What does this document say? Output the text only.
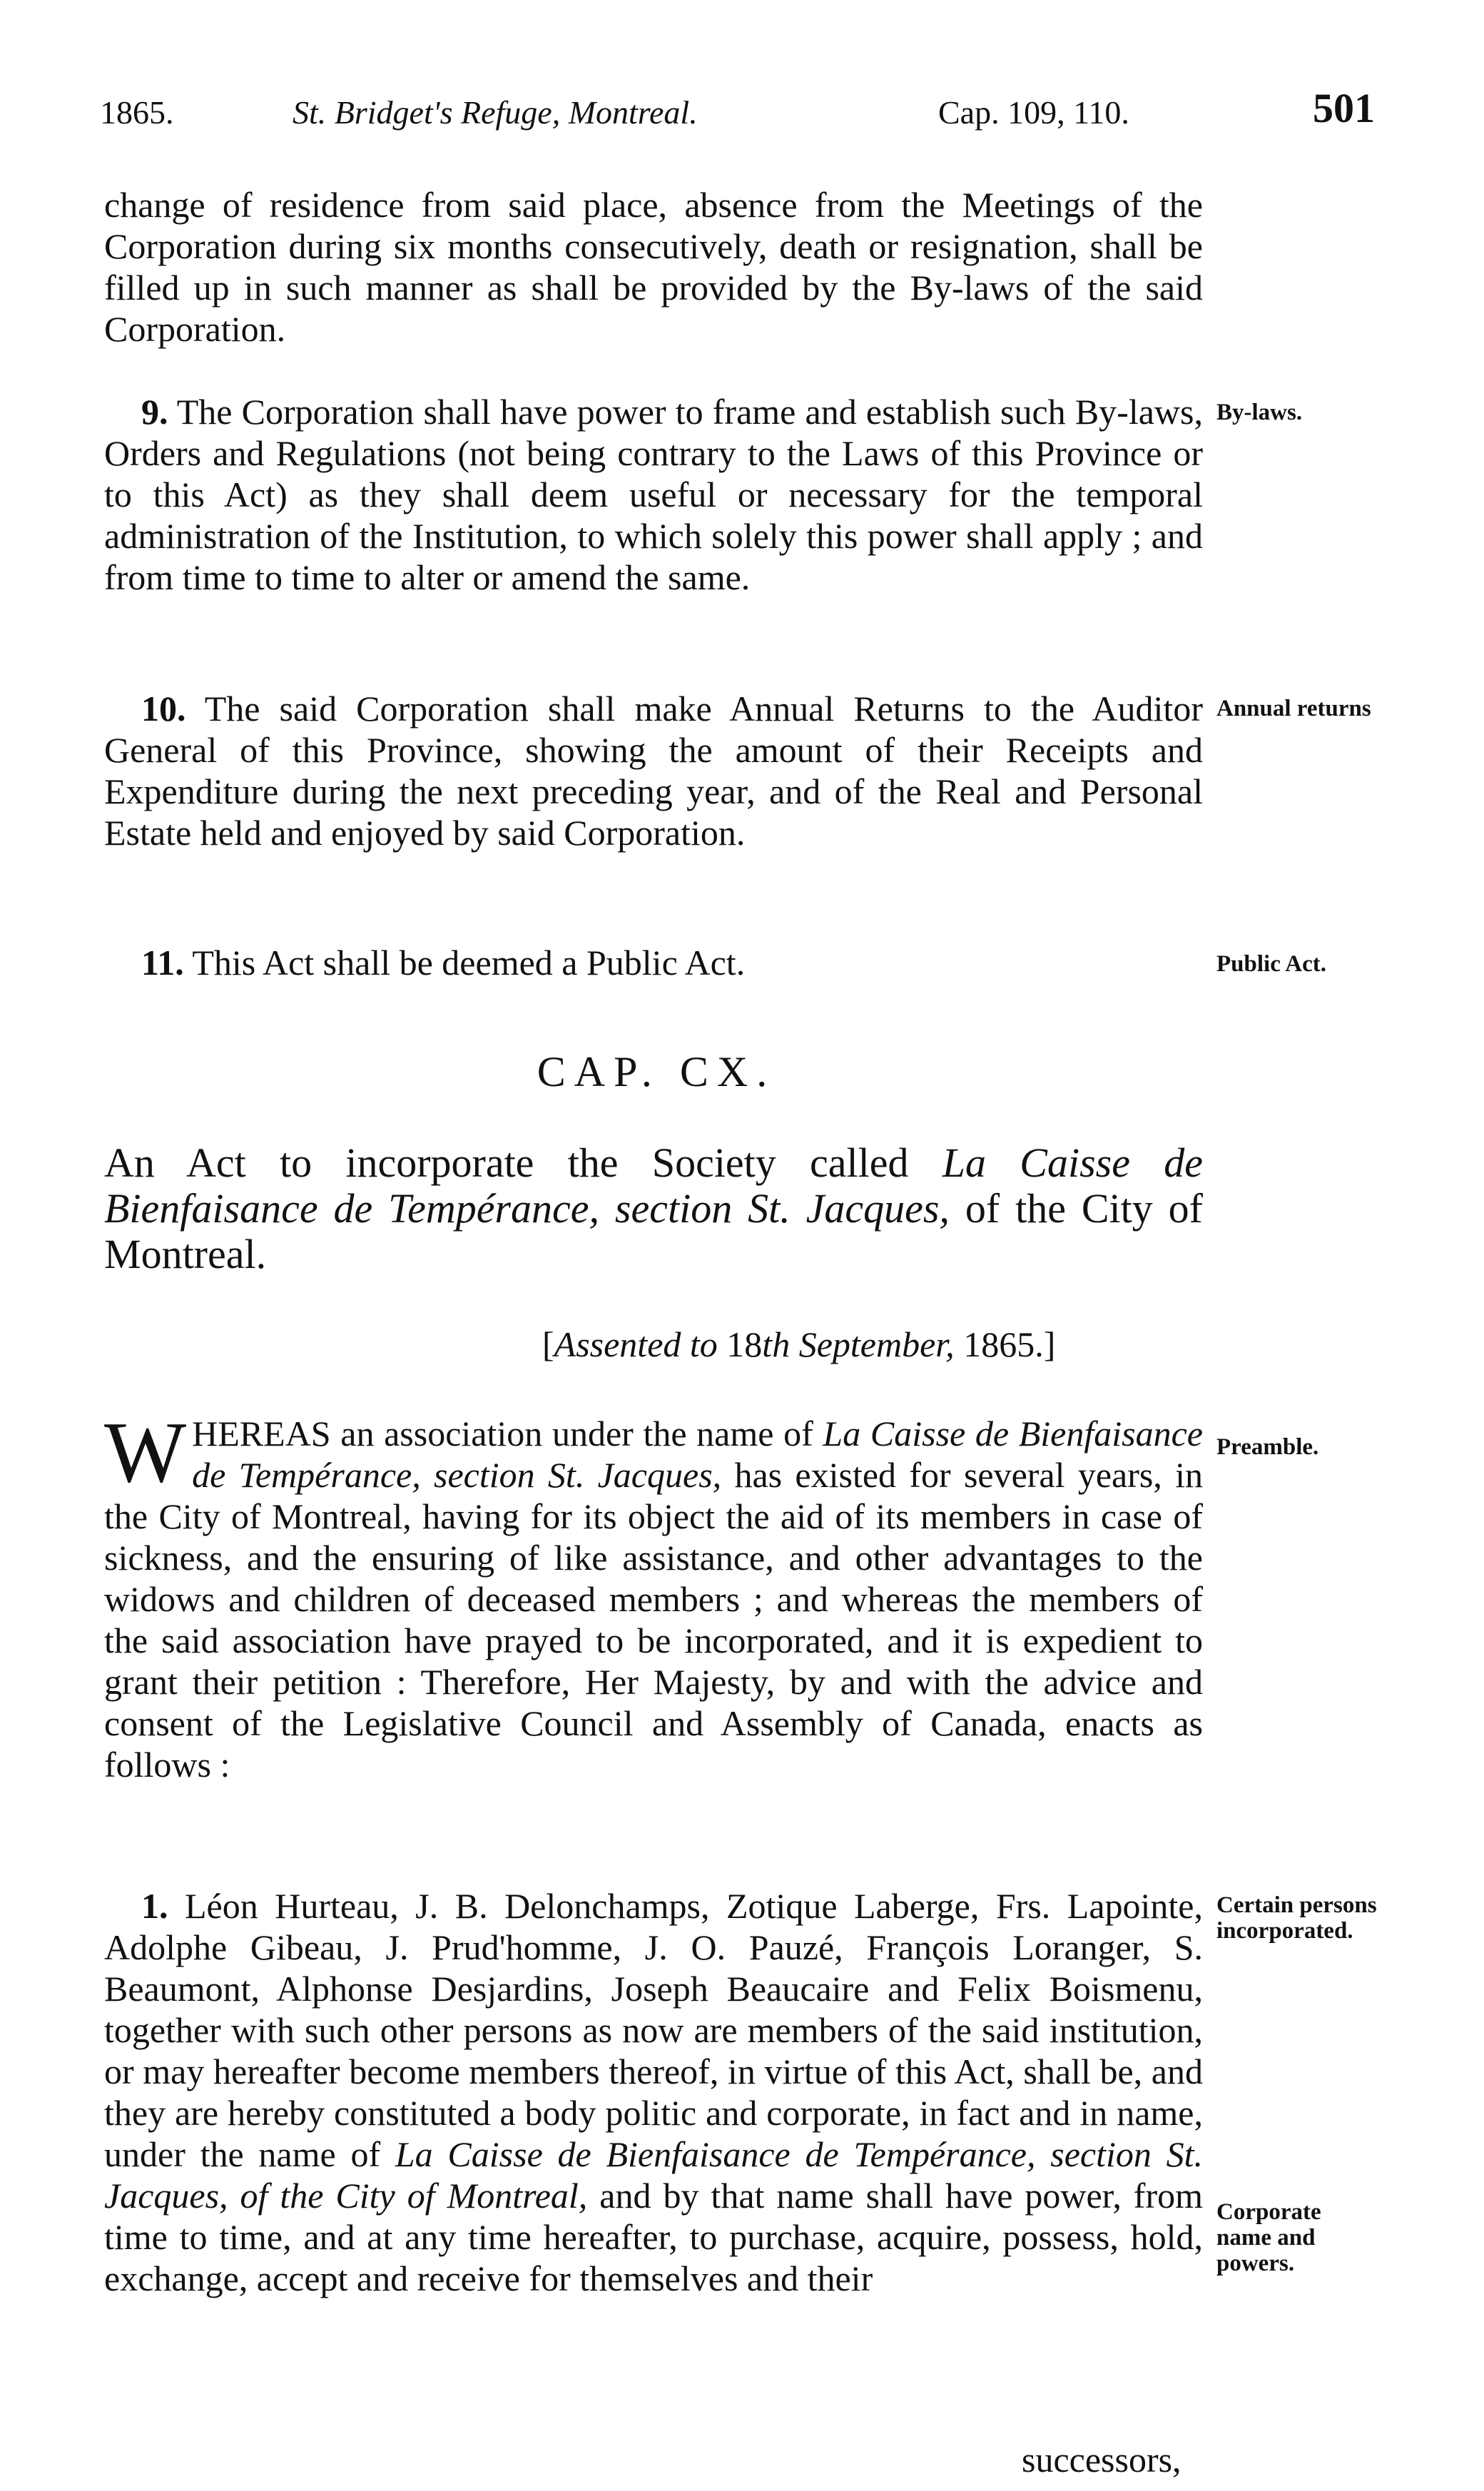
1865.	St. Bridget's Refuge, Montreal.	Cap. 109, 110.	501

change of residence from said place, absence from the Meetings of the Corporation during six months consecutively, death or resignation, shall be filled up in such manner as shall be provided by the By-laws of the said Corporation.

9. The Corporation shall have power to frame and establish such By-laws, Orders and Regulations (not being contrary to the Laws of this Province or to this Act) as they shall deem useful or necessary for the temporal administration of the Institution, to which solely this power shall apply ; and from time to time to alter or amend the same.

By-laws.

10. The said Corporation shall make Annual Returns to the Auditor General of this Province, showing the amount of their Receipts and Expenditure during the next preceding year, and of the Real and Personal Estate held and enjoyed by said Corporation.

Annual returns

11. This Act shall be deemed a Public Act.	Public Act.
CAP. CX.
An Act to incorporate the Society called La Caisse de Bienfaisance de Tempérance, section St. Jacques, of the City of Montreal.
[Assented to 18th September, 1865.]

WHEREAS an association under the name of La Caisse de Bienfaisance de Tempérance, section St. Jacques, has existed for several years, in the City of Montreal, having for its object the aid of its members in case of sickness, and the ensuring of like assistance, and other advantages to the widows and children of deceased members ; and whereas the members of the said association have prayed to be incorporated, and it is expedient to grant their petition : Therefore, Her Majesty, by and with the advice and consent of the Legislative Council and Assembly of Canada, enacts as follows :

Preamble.

1. Léon Hurteau, J. B. Delonchamps, Zotique Laberge, Frs. Lapointe, Adolphe Gibeau, J. Prud'homme, J. O. Pauzé, François Loranger, S. Beaumont, Alphonse Desjardins, Joseph Beaucaire and Felix Boismenu, together with such other persons as now are members of the said institution, or may hereafter become members thereof, in virtue of this Act, shall be, and they are hereby constituted a body politic and corporate, in fact and in name, under the name of La Caisse de Bienfaisance de Tempérance, section St. Jacques, of the City of Montreal, and by that name shall have power, from time to time, and at any time hereafter, to purchase, acquire, possess, hold, exchange, accept and receive for themselves and their

Certain persons incorporated.
Corporate name and powers.
successors,
